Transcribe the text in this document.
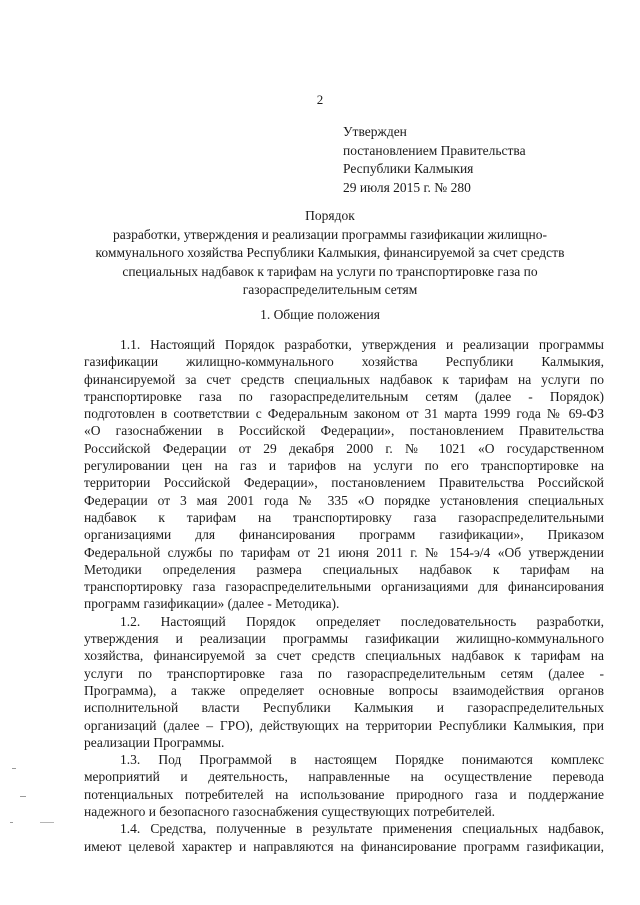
2
Утвержден
постановлением Правительства
Республики Калмыкия
29 июля 2015 г. № 280
Порядок
разработки, утверждения и реализации программы газификации жилищно-
коммунального хозяйства Республики Калмыкия, финансируемой за счет средств
специальных надбавок к тарифам на услуги по транспортировке газа по
газораспределительным сетям
1. Общие положения
1.1. Настоящий Порядок разработки, утверждения и реализации программы
газификации жилищно-коммунального хозяйства Республики Калмыкия,
финансируемой за счет средств специальных надбавок к тарифам на услуги по
транспортировке газа по газораспределительным сетям (далее - Порядок)
подготовлен в соответствии с Федеральным законом от 31 марта 1999 года № 69-ФЗ
«О газоснабжении в Российской Федерации», постановлением Правительства
Российской Федерации от 29 декабря 2000 г. № 1021 «О государственном
регулировании цен на газ и тарифов на услуги по его транспортировке на
территории Российской Федерации», постановлением Правительства Российской
Федерации от 3 мая 2001 года № 335 «О порядке установления специальных
надбавок к тарифам на транспортировку газа газораспределительными
организациями для финансирования программ газификации», Приказом
Федеральной службы по тарифам от 21 июня 2011 г. № 154-э/4 «Об утверждении
Методики определения размера специальных надбавок к тарифам на
транспортировку газа газораспределительными организациями для финансирования
программ газификации» (далее - Методика).
1.2. Настоящий Порядок определяет последовательность разработки,
утверждения и реализации программы газификации жилищно-коммунального
хозяйства, финансируемой за счет средств специальных надбавок к тарифам на
услуги по транспортировке газа по газораспределительным сетям (далее -
Программа), а также определяет основные вопросы взаимодействия органов
исполнительной власти Республики Калмыкия и газораспределительных
организаций (далее – ГРО), действующих на территории Республики Калмыкия, при
реализации Программы.
1.3. Под Программой в настоящем Порядке понимаются комплекс
мероприятий и деятельность, направленные на осуществление перевода
потенциальных потребителей на использование природного газа и поддержание
надежного и безопасного газоснабжения существующих потребителей.
1.4. Средства, полученные в результате применения специальных надбавок,
имеют целевой характер и направляются на финансирование программ газификации,
